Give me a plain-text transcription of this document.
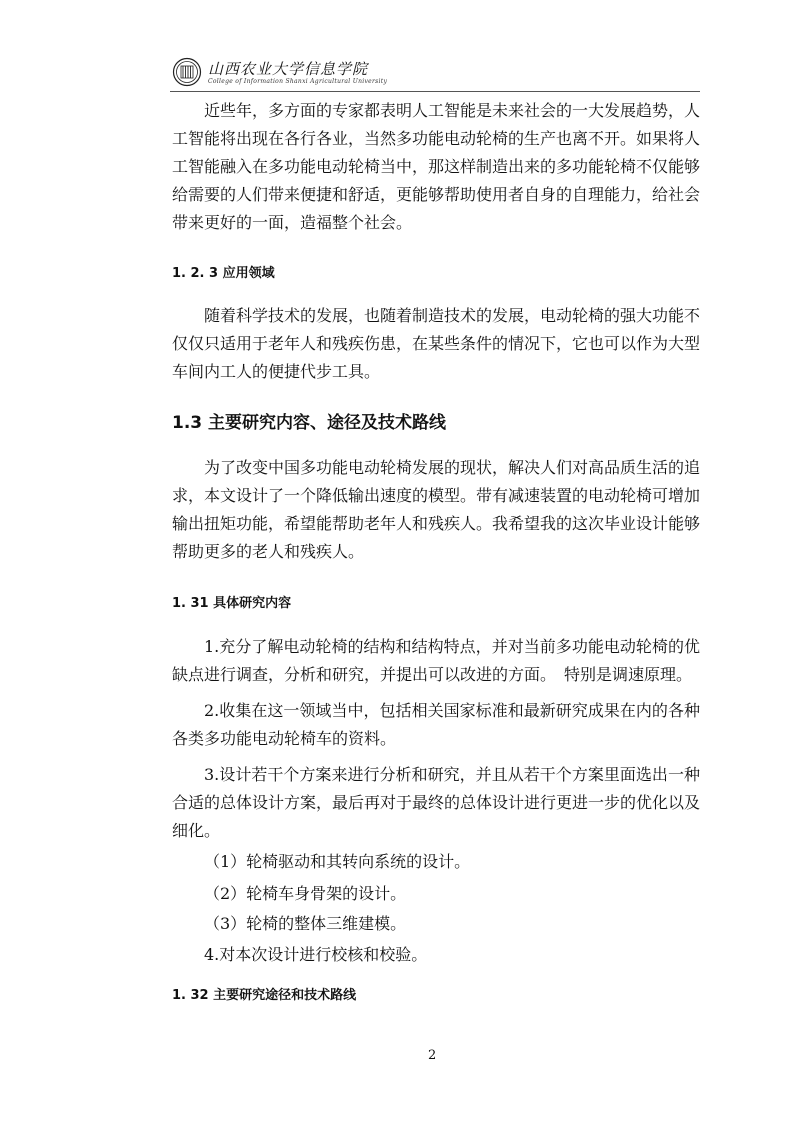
山西农业大学信息学院
College of Information Shanxi Agricultural University

近些年，多方面的专家都表明人工智能是未来社会的一大发展趋势，人工智能将出现在各行各业，当然多功能电动轮椅的生产也离不开。如果将人工智能融入在多功能电动轮椅当中，那这样制造出来的多功能轮椅不仅能够给需要的人们带来便捷和舒适，更能够帮助使用者自身的自理能力，给社会带来更好的一面，造福整个社会。

1. 2. 3 应用领域

随着科学技术的发展，也随着制造技术的发展，电动轮椅的强大功能不仅仅只适用于老年人和残疾伤患，在某些条件的情况下，它也可以作为大型车间内工人的便捷代步工具。

1.3 主要研究内容、途径及技术路线

为了改变中国多功能电动轮椅发展的现状，解决人们对高品质生活的追求，本文设计了一个降低输出速度的模型。带有减速装置的电动轮椅可增加输出扭矩功能，希望能帮助老年人和残疾人。我希望我的这次毕业设计能够帮助更多的老人和残疾人。

1. 31 具体研究内容

1.充分了解电动轮椅的结构和结构特点，并对当前多功能电动轮椅的优缺点进行调查，分析和研究，并提出可以改进的方面。　特别是调速原理。

2.收集在这一领域当中，包括相关国家标准和最新研究成果在内的各种各类多功能电动轮椅车的资料。

3.设计若干个方案来进行分析和研究，并且从若干个方案里面选出一种合适的总体设计方案，最后再对于最终的总体设计进行更进一步的优化以及细化。

（1）轮椅驱动和其转向系统的设计。

（2）轮椅车身骨架的设计。

（3）轮椅的整体三维建模。

4.对本次设计进行校核和校验。

1. 32 主要研究途径和技术路线
2
